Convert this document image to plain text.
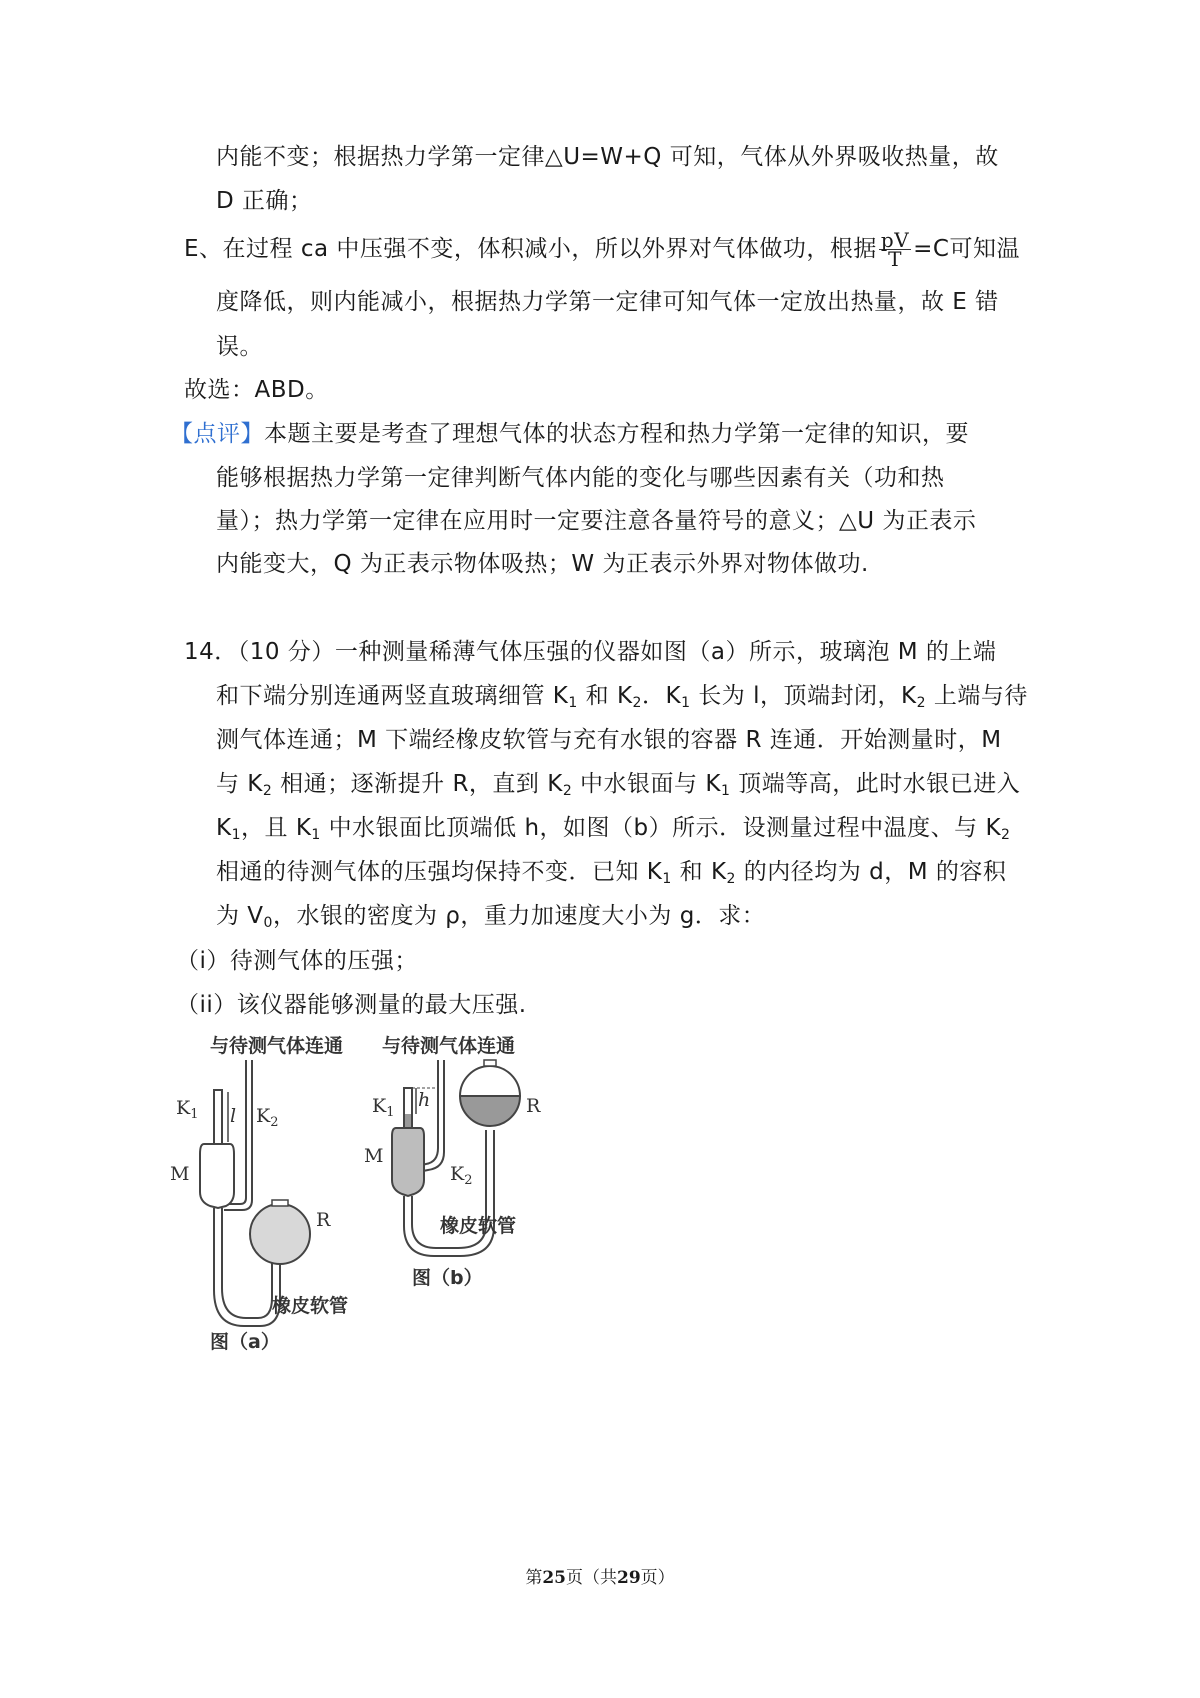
内能不变；根据热力学第一定律△U=W+Q 可知，气体从外界吸收热量，故
D 正确；
E、在过程 ca 中压强不变，体积减小，所以外界对气体做功，根据 $\frac{pV}{T} =C$可知温
度降低，则内能减小，根据热力学第一定律可知气体一定放出热量，故 E 错
误。
故选：ABD。
【点评】本题主要是考查了理想气体的状态方程和热力学第一定律的知识，要
能够根据热力学第一定律判断气体内能的变化与哪些因素有关（功和热
量）；热力学第一定律在应用时一定要注意各量符号的意义；△U 为正表示
内能变大，Q 为正表示物体吸热；W 为正表示外界对物体做功.
14．（10 分）一种测量稀薄气体压强的仪器如图（a）所示，玻璃泡 M 的上端
和下端分别连通两竖直玻璃细管 $K_1$ 和 $K_2$．$K_1$ 长为 l，顶端封闭，$K_2$ 上端与待
测气体连通；M 下端经橡皮软管与充有水银的容器 R 连通．开始测量时，M
与 $K_2$ 相通；逐渐提升 R，直到 $K_2$ 中水银面与 $K_1$ 顶端等高，此时水银已进入
$K_1$，且 $K_1$ 中水银面比顶端低 h，如图（b）所示．设测量过程中温度、与 $K_2$
相通的待测气体的压强均保持不变．已知 $K_1$ 和 $K_2$ 的内径均为 d，M 的容积
为 $V_0$，水银的密度为 ρ，重力加速度大小为 g．求：
（i）待测气体的压强；
（ii）该仪器能够测量的最大压强.
与待测气体连通
l
$K_1$	$K_2$
M
R
橡皮软管
图（a）
与待测气体连通
h
$K_1$
$K_2$
M
R
橡皮软管
图（b）
第25页（共29页）
